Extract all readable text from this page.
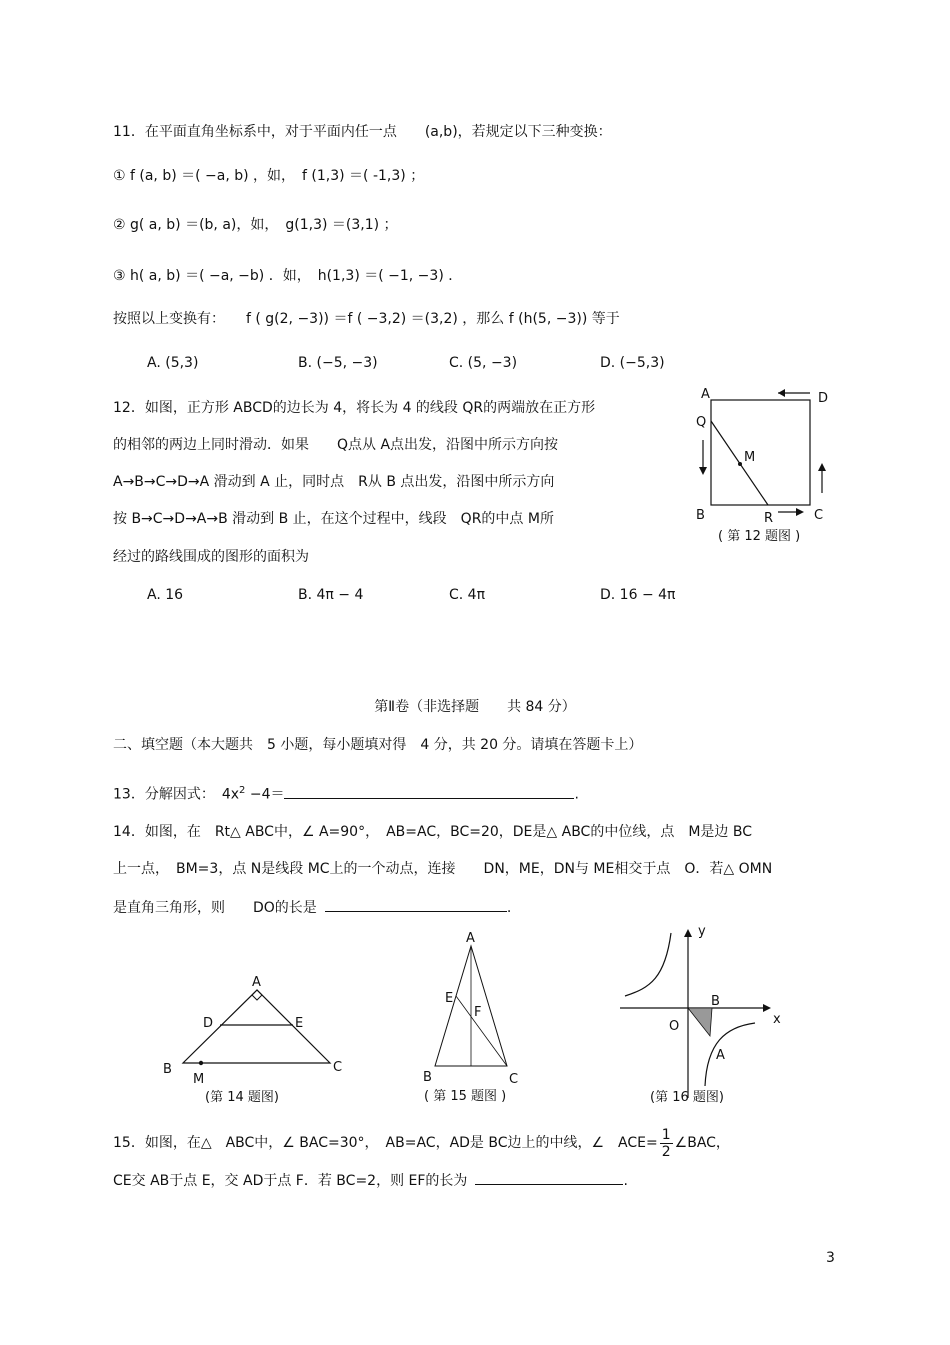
11．在平面直角坐标系中，对于平面内任一点　　(a,b)，若规定以下三种变换：
① f (a, b) ＝( −a, b) ，如，　f (1,3) ＝( -1,3) ；
② g( a, b) ＝(b, a)，如，　g(1,3) ＝(3,1) ；
③ h( a, b) ＝( −a, −b) ．如，　h(1,3) ＝( −1, −3) ．
按照以上变换有：　　f ( g(2, −3)) ＝f ( −3,2) ＝(3,2) ，那么 f (h(5, −3)) 等于
A. (5,3)	B. (−5, −3)	C. (5, −3)	D. (−5,3)
12．如图，正方形 ABCD的边长为 4，将长为 4 的线段 QR的两端放在正方形
的相邻的两边上同时滑动．如果　　Q点从 A点出发，沿图中所示方向按
A→B→C→D→A 滑动到 A 止，同时点　R从 B 点出发，沿图中所示方向
按 B→C→D→A→B 滑动到 B 止，在这个过程中，线段　QR的中点 M所
经过的路线围成的图形的面积为
A. 16	B. 4π − 4	C. 4π	D. 16 − 4π
A	D
Q
M
B	R	C
( 第 12 题图 )
第Ⅱ卷（非选择题　　共 84 分）
二、填空题（本大题共　5 小题，每小题填对得　4 分，共 20 分。请填在答题卡上）
13．分解因式：　$4x^2 -4=$	.
14．如图，在　Rt△ ABC中，∠ A=90°，　AB=AC，BC=20，DE是△ ABC的中位线，点　M是边 BC
上一点，　BM=3，点 N是线段 MC上的一个动点，连接　　DN，ME，DN与 ME相交于点　O．若△ OMN
是直角三角形，则　　DO的长是	.
A
D	E
B
M
C
(第 14 题图)
A
E
F
B	C
( 第 15 题图 )
y
x
B
O
A
(第 16 题图)
15．如图，在△　ABC中，∠ BAC=30°，　AB=AC，AD是 BC边上的中线，∠　$ACE= \frac{1}{2}$ ∠BAC，
CE交 AB于点 E，交 AD于点 F．若 BC=2，则 EF的长为	.
3
